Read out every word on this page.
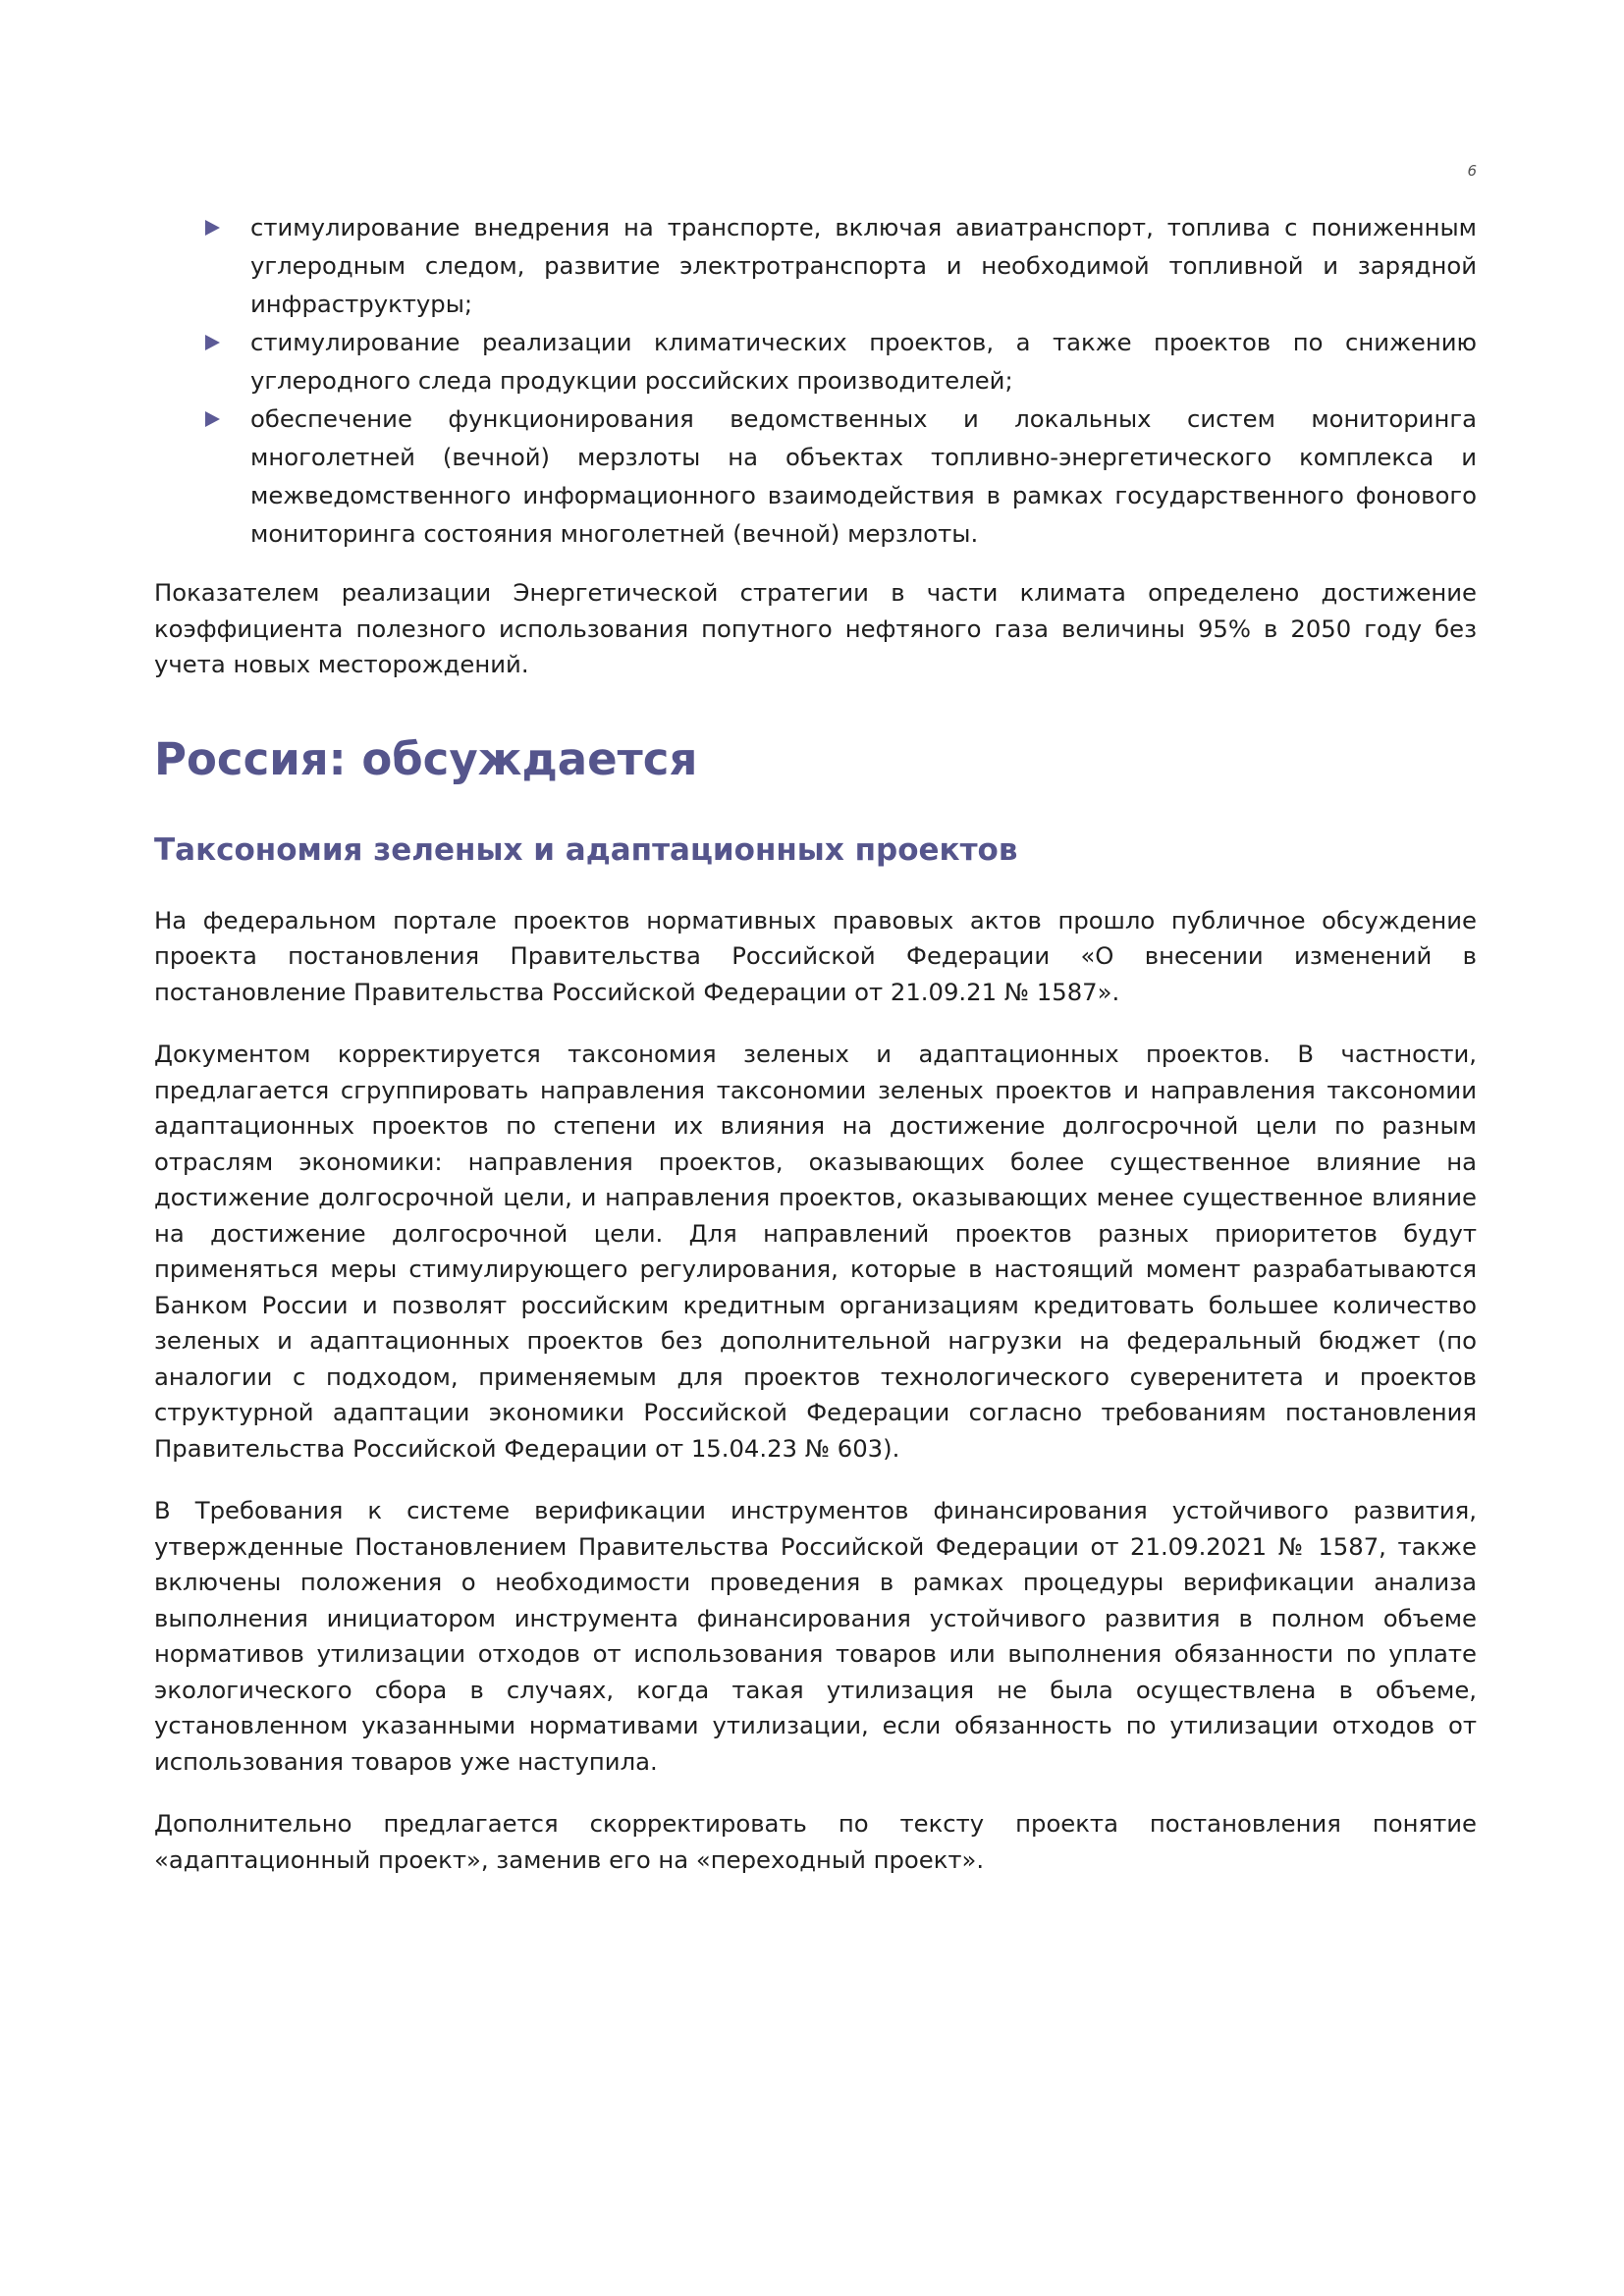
6
стимулирование внедрения на транспорте, включая авиатранспорт, топлива с пониженным углеродным следом, развитие электротранспорта и необходимой топливной и зарядной инфраструктуры;
стимулирование реализации климатических проектов, а также проектов по снижению углеродного следа продукции российских производителей;
обеспечение функционирования ведомственных и локальных систем мониторинга многолетней (вечной) мерзлоты на объектах топливно-энергетического комплекса и межведомственного информационного взаимодействия в рамках государственного фонового мониторинга состояния многолетней (вечной) мерзлоты.

Показателем реализации Энергетической стратегии в части климата определено достижение коэффициента полезного использования попутного нефтяного газа величины 95% в 2050 году без учета новых месторождений.

Россия: обсуждается
Таксономия зеленых и адаптационных проектов

На федеральном портале проектов нормативных правовых актов прошло публичное обсуждение проекта постановления Правительства Российской Федерации «О внесении изменений в постановление Правительства Российской Федерации от 21.09.21 № 1587».

Документом корректируется таксономия зеленых и адаптационных проектов. В частности, предлагается сгруппировать направления таксономии зеленых проектов и направления таксономии адаптационных проектов по степени их влияния на достижение долгосрочной цели по разным отраслям экономики: направления проектов, оказывающих более существенное влияние на достижение долгосрочной цели, и направления проектов, оказывающих менее существенное влияние на достижение долгосрочной цели. Для направлений проектов разных приоритетов будут применяться меры стимулирующего регулирования, которые в настоящий момент разрабатываются Банком России и позволят российским кредитным организациям кредитовать большее количество зеленых и адаптационных проектов без дополнительной нагрузки на федеральный бюджет (по аналогии с подходом, применяемым для проектов технологического суверенитета и проектов структурной адаптации экономики Российской Федерации согласно требованиям постановления Правительства Российской Федерации от 15.04.23 № 603).

В Требования к системе верификации инструментов финансирования устойчивого развития, утвержденные Постановлением Правительства Российской Федерации от 21.09.2021 № 1587, также включены положения о необходимости проведения в рамках процедуры верификации анализа выполнения инициатором инструмента финансирования устойчивого развития в полном объеме нормативов утилизации отходов от использования товаров или выполнения обязанности по уплате экологического сбора в случаях, когда такая утилизация не была осуществлена в объеме, установленном указанными нормативами утилизации, если обязанность по утилизации отходов от использования товаров уже наступила.

Дополнительно предлагается скорректировать по тексту проекта постановления понятие «адаптационный проект», заменив его на «переходный проект».
